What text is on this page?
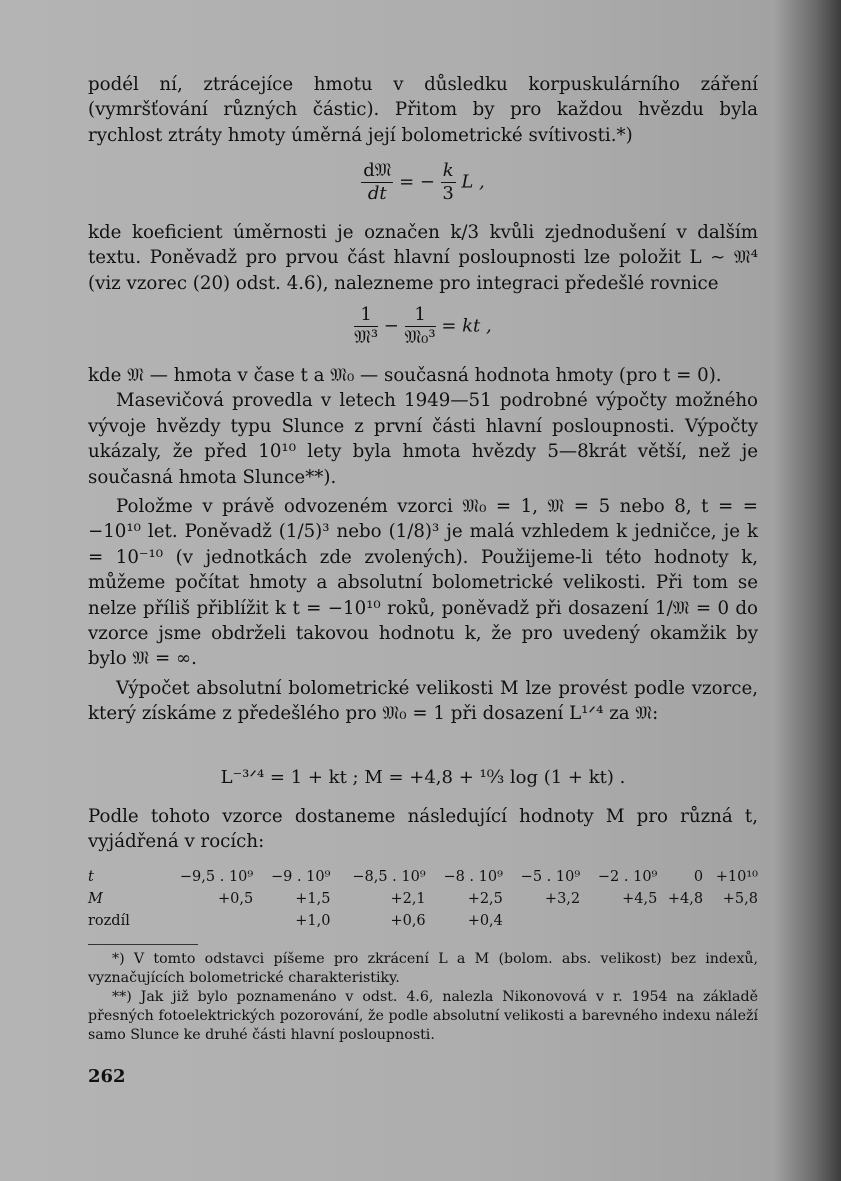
podél ní, ztrácejíce hmotu v důsledku korpuskulárního záření (vymršťování různých částic). Přitom by pro každou hvězdu byla rychlost ztráty hmoty úměrná její bolometrické svítivosti.*)

$\frac{\text{d𝔐}}{dt}$ = − $\frac{k}{3}$ L ,

kde koeficient úměrnosti je označen k/3 kvůli zjednodušení v dalším textu. Poněvadž pro prvou část hlavní posloupnosti lze položit L ∼ 𝔐⁴ (viz vzorec (20) odst. 4.6), nalezneme pro integraci předešlé rovnice

$\frac{1}{\text{𝔐³}} - \frac{1}{\text{𝔐₀³}}$ = kt ,

kde 𝔐 — hmota v čase t a 𝔐₀ — současná hodnota hmoty (pro t = 0).

Masevičová provedla v letech 1949—51 podrobné výpočty možného vývoje hvězdy typu Slunce z první části hlavní posloupnosti. Výpočty ukázaly, že před 10¹⁰ lety byla hmota hvězdy 5—8krát větší, než je současná hmota Slunce**).

Položme v právě odvozeném vzorci 𝔐₀ = 1, 𝔐 = 5 nebo 8, t = = −10¹⁰ let. Poněvadž (1/5)³ nebo (1/8)³ je malá vzhledem k jedničce, je k = 10⁻¹⁰ (v jednotkách zde zvolených). Použijeme-li této hodnoty k, můžeme počítat hmoty a absolutní bolometrické velikosti. Při tom se nelze příliš přiblížit k t = −10¹⁰ roků, poněvadž při dosazení 1/𝔐 = 0 do vzorce jsme obdrželi takovou hodnotu k, že pro uvedený okamžik by bylo 𝔐 = ∞.

Výpočet absolutní bolometrické velikosti M lze provést podle vzorce, který získáme z předešlého pro 𝔐₀ = 1 při dosazení L¹ᐟ⁴ za 𝔐:

L⁻³ᐟ⁴ = 1 + kt ; M = +4,8 + ¹⁰⁄₃ log (1 + kt) .

Podle tohoto vzorce dostaneme následující hodnoty M pro různá t, vyjádřená v rocích:

t	−9,5 . 10⁹	−9 . 10⁹	−8,5 . 10⁹	−8 . 10⁹	−5 . 10⁹	−2 . 10⁹	0	+10¹⁰
M	+0,5	+1,5	+2,1	+2,5	+3,2	+4,5	+4,8	+5,8
rozdíl		+1,0	+0,6	+0,4				

*) V tomto odstavci píšeme pro zkrácení L a M (bolom. abs. velikost) bez indexů, vyznačujících bolometrické charakteristiky.

**) Jak již bylo poznamenáno v odst. 4.6, nalezla Nikonovová v r. 1954 na základě přesných fotoelektrických pozorování, že podle absolutní velikosti a barevného indexu náleží samo Slunce ke druhé části hlavní posloupnosti.

262
